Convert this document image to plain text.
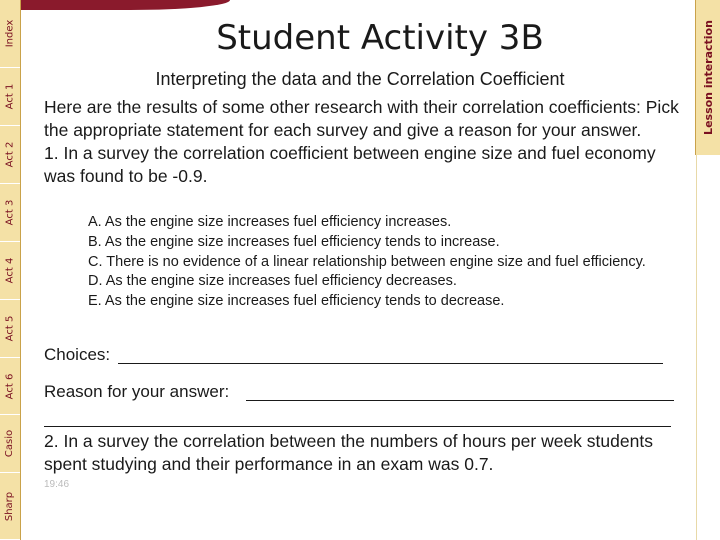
Index
Act 1
Act 2
Act 3
Act 4
Act 5
Act 6
Casio
Sharp
Lesson interaction
Student Activity 3B
Interpreting the data and the Correlation Coefficient
Here are the results of some other research with their correlation coefficients: Pick the appropriate statement for each survey and give a reason for your answer.
1. In a survey the correlation coefficient between engine size and fuel economy was found to be -0.9.
A. As the engine size increases fuel efficiency increases.
B. As the engine size increases fuel efficiency tends to increase.
C. There is no evidence of a linear relationship between engine size and fuel efficiency.
D. As the engine size increases fuel efficiency decreases.
E. As the engine size increases fuel efficiency tends to decrease.
Choices:
Reason for your answer:
2. In a survey the correlation between the numbers of hours per week students spent studying and their performance in an exam was 0.7.
19:46
